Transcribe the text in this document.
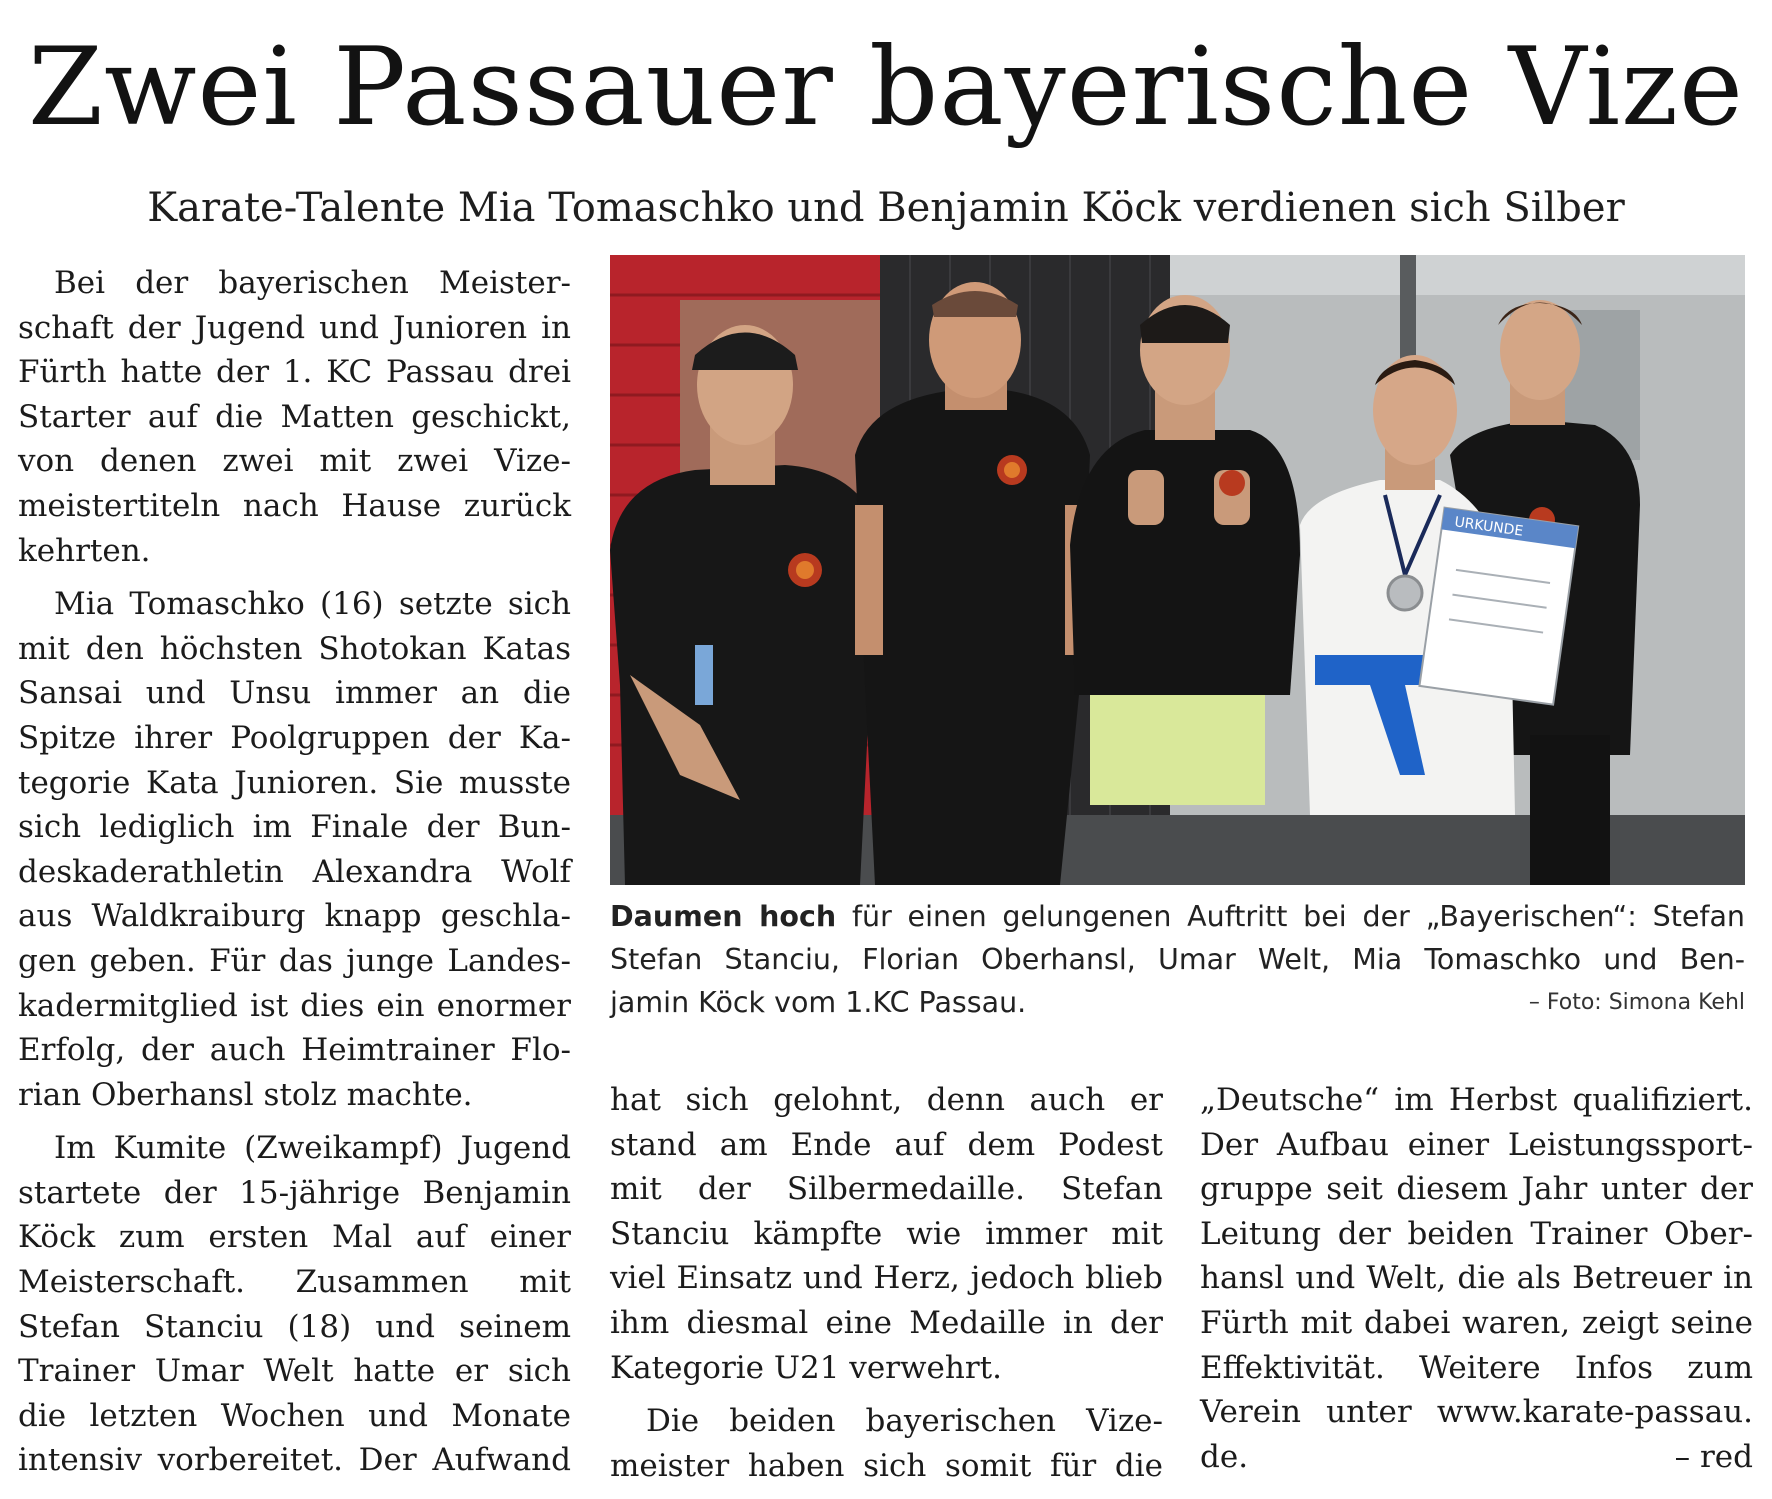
Zwei Passauer bayerische Vize
Karate-Talente Mia Tomaschko und Benjamin Köck verdienen sich Silber
Bei der bayerischen Meister-
schaft der Jugend und Junioren in
Fürth hatte der 1. KC Passau drei
Starter auf die Matten geschickt,
von denen zwei mit zwei Vize-
meistertiteln nach Hause zurück
kehrten.
Mia Tomaschko (16) setzte sich
mit den höchsten Shotokan Katas
Sansai und Unsu immer an die
Spitze ihrer Poolgruppen der Ka-
tegorie Kata Junioren. Sie musste
sich lediglich im Finale der Bun-
deskaderathletin Alexandra Wolf
aus Waldkraiburg knapp geschla-
gen geben. Für das junge Landes-
kadermitglied ist dies ein enormer
Erfolg, der auch Heimtrainer Flo-
rian Oberhansl stolz machte.
Im Kumite (Zweikampf) Jugend
startete der 15-jährige Benjamin
Köck zum ersten Mal auf einer
Meisterschaft. Zusammen mit
Stefan Stanciu (18) und seinem
Trainer Umar Welt hatte er sich
die letzten Wochen und Monate
intensiv vorbereitet. Der Aufwand
URKUNDE
Daumen hoch für einen gelungenen Auftritt bei der „Bayerischen“: Stefan
Stefan Stanciu, Florian Oberhansl, Umar Welt, Mia Tomaschko und Ben-
jamin Köck vom 1.KC Passau.	– Foto: Simona Kehl
hat sich gelohnt, denn auch er
stand am Ende auf dem Podest
mit der Silbermedaille. Stefan
Stanciu kämpfte wie immer mit
viel Einsatz und Herz, jedoch blieb
ihm diesmal eine Medaille in der
Kategorie U21 verwehrt.
Die beiden bayerischen Vize-
meister haben sich somit für die
„Deutsche“ im Herbst qualifiziert.
Der Aufbau einer Leistungssport-
gruppe seit diesem Jahr unter der
Leitung der beiden Trainer Ober-
hansl und Welt, die als Betreuer in
Fürth mit dabei waren, zeigt seine
Effektivität. Weitere Infos zum
Verein unter www.karate-passau.
de.	– red
